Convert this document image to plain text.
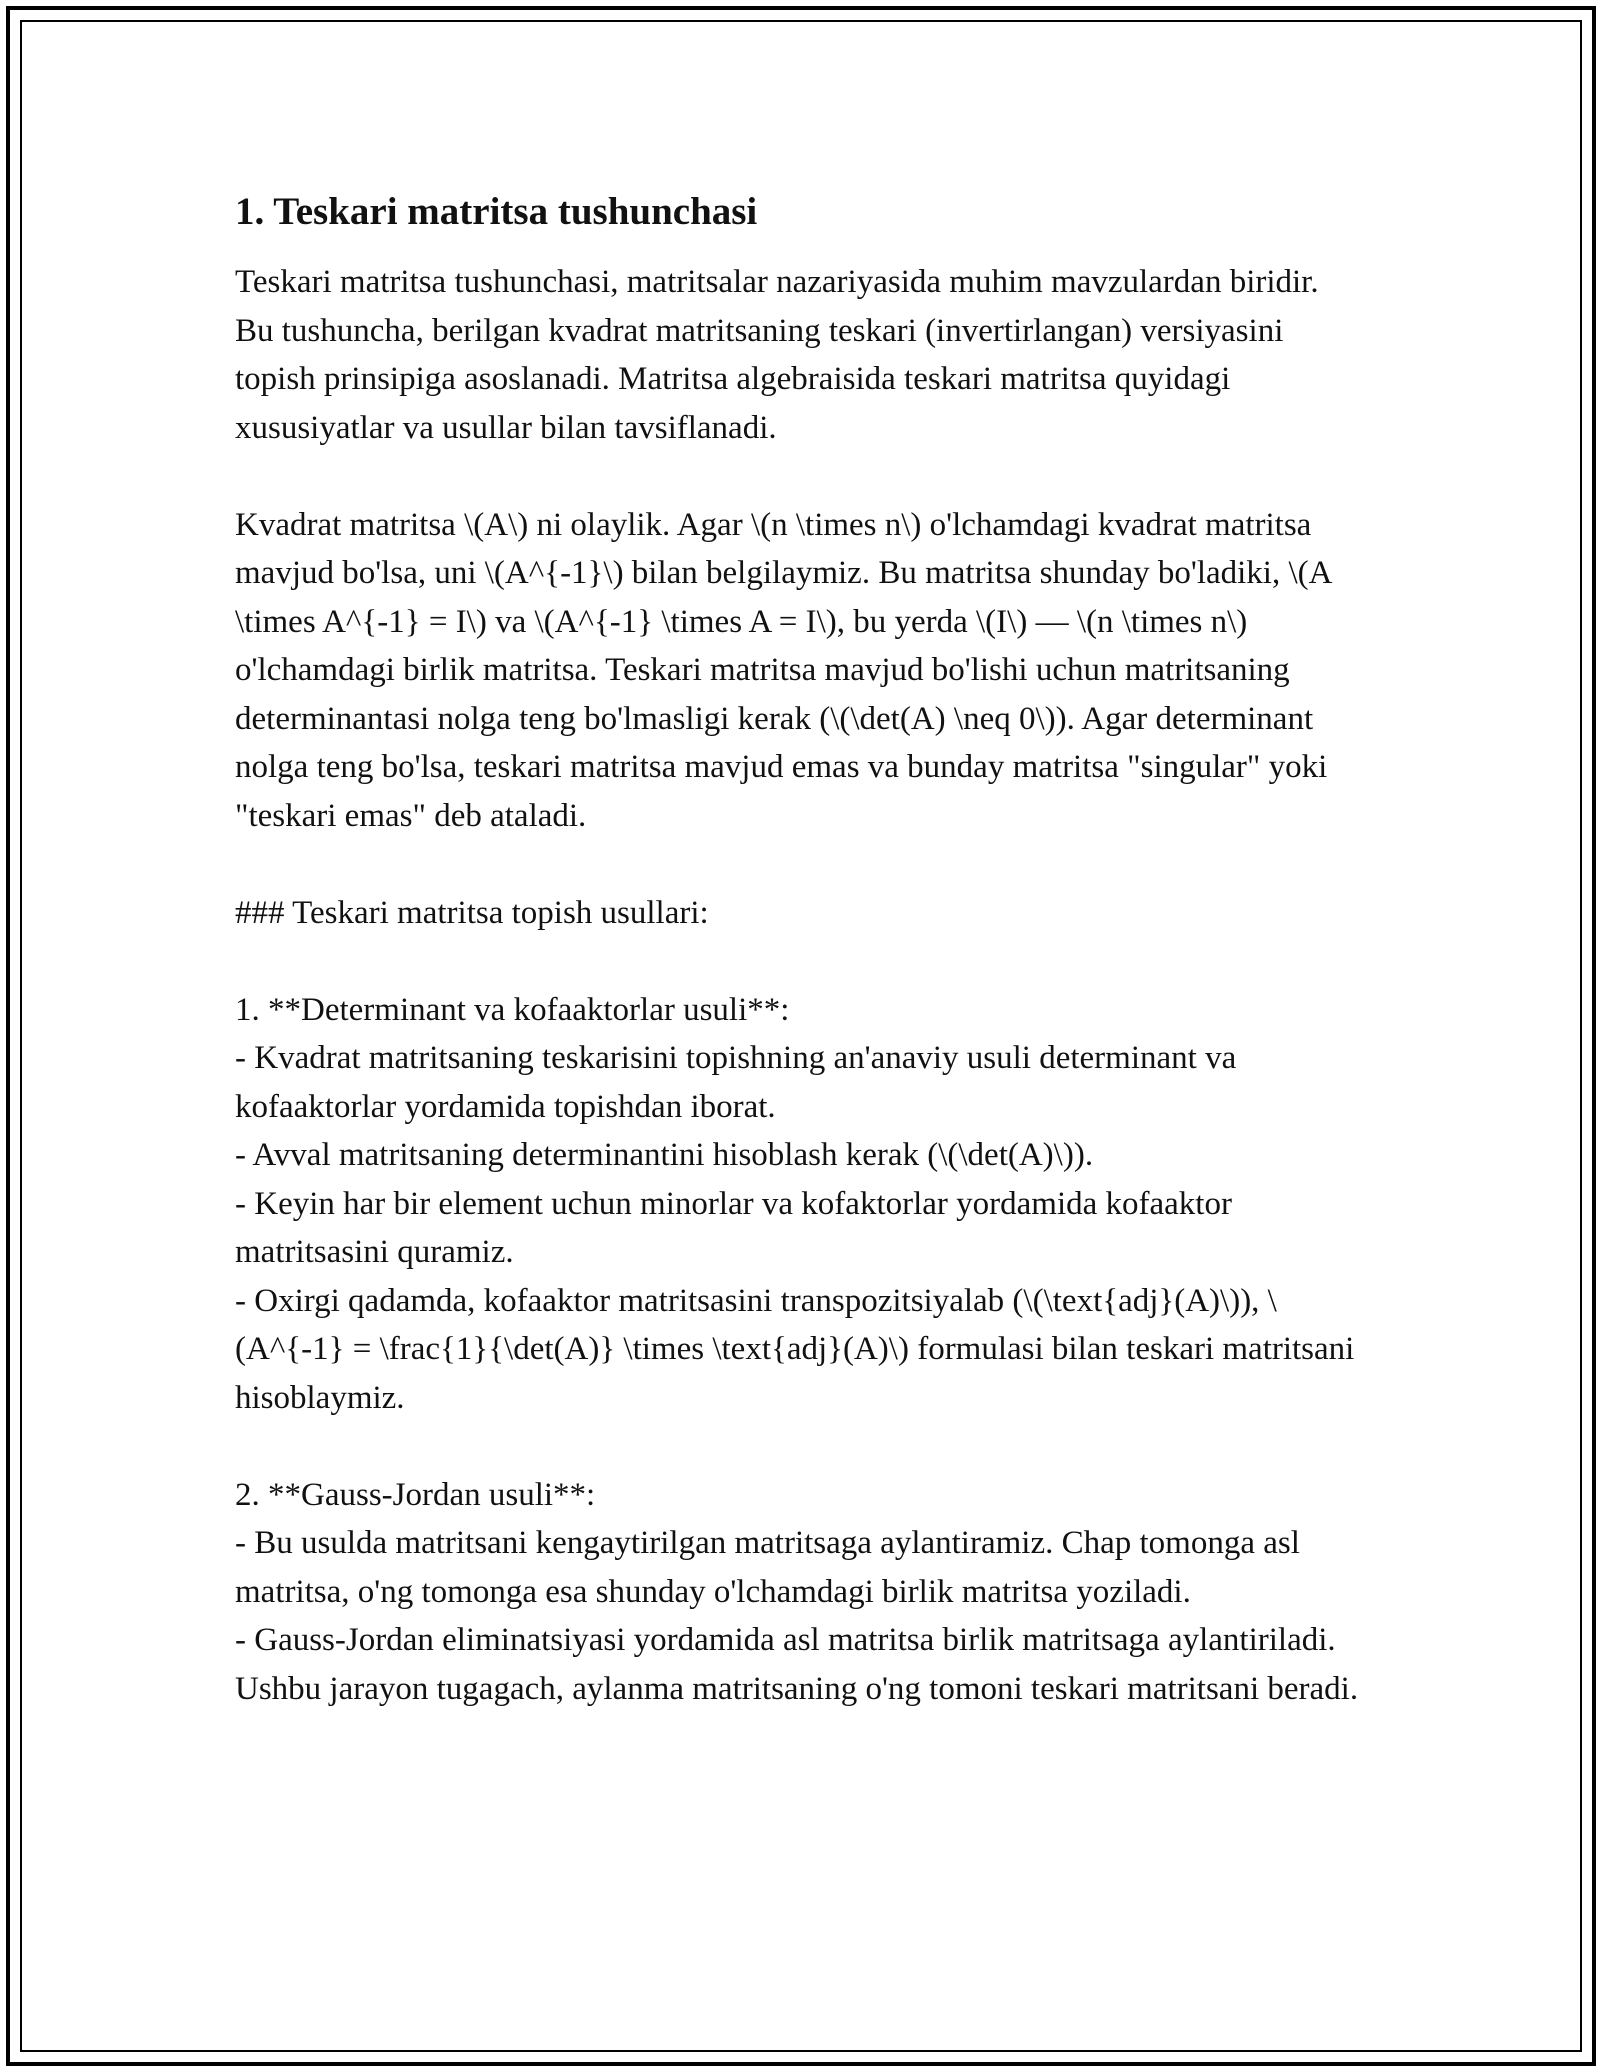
1. Teskari matritsa tushunchasi

Teskari matritsa tushunchasi, matritsalar nazariyasida muhim mavzulardan biridir. Bu tushuncha, berilgan kvadrat matritsaning teskari (invertirlangan) versiyasini topish prinsipiga asoslanadi. Matritsa algebraisida teskari matritsa quyidagi xususiyatlar va usullar bilan tavsiflanadi.

Kvadrat matritsa \(A\) ni olaylik. Agar \(n \times n\) o'lchamdagi kvadrat matritsa mavjud bo'lsa, uni \(A^{-1}\) bilan belgilaymiz. Bu matritsa shunday bo'ladiki, \(A \times A^{-1} = I\) va \(A^{-1} \times A = I\), bu yerda \(I\) — \(n \times n\) o'lchamdagi birlik matritsa. Teskari matritsa mavjud bo'lishi uchun matritsaning determinantasi nolga teng bo'lmasligi kerak (\(\det(A) \neq 0\)). Agar determinant nolga teng bo'lsa, teskari matritsa mavjud emas va bunday matritsa "singular" yoki "teskari emas" deb ataladi.

### Teskari matritsa topish usullari:

1. **Determinant va kofaaktorlar usuli**:
- Kvadrat matritsaning teskarisini topishning an'anaviy usuli determinant va kofaaktorlar yordamida topishdan iborat.
- Avval matritsaning determinantini hisoblash kerak (\(\det(A)\)).
- Keyin har bir element uchun minorlar va kofaktorlar yordamida kofaaktor matritsasini quramiz.
- Oxirgi qadamda, kofaaktor matritsasini transpozitsiyalab (\(\text{adj}(A)\)), \(A^{-1} = \frac{1}{\det(A)} \times \text{adj}(A)\) formulasi bilan teskari matritsani hisoblaymiz.

2. **Gauss-Jordan usuli**:
- Bu usulda matritsani kengaytirilgan matritsaga aylantiramiz. Chap tomonga asl matritsa, o'ng tomonga esa shunday o'lchamdagi birlik matritsa yoziladi.
- Gauss-Jordan eliminatsiyasi yordamida asl matritsa birlik matritsaga aylantiriladi. Ushbu jarayon tugagach, aylanma matritsaning o'ng tomoni teskari matritsani beradi.
